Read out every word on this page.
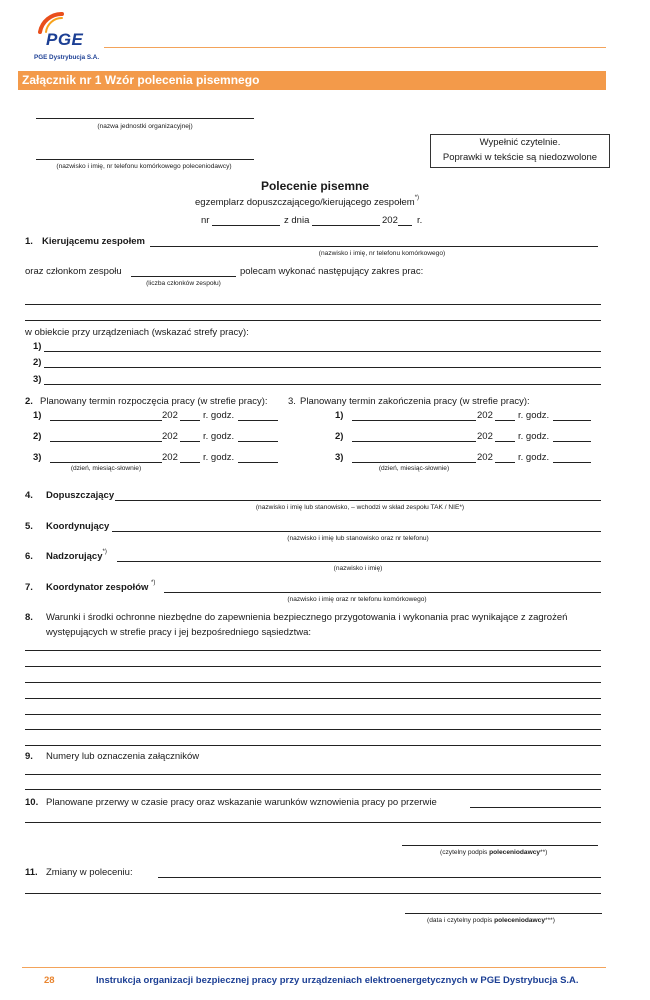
PGE
PGE Dystrybucja S.A.
Załącznik nr 1 Wzór polecenia pisemnego
(nazwa jednostki organizacyjnej)
(nazwisko i imię, nr telefonu komórkowego poleceniodawcy)
Wypełnić czytelnie.
Poprawki w tekście są niedozwolone
Polecenie pisemne
egzemplarz dopuszczającego/kierującego zespołem*)
nr	z dnia	202 r.
1. Kierującemu zespołem
(nazwisko i imię, nr telefonu komórkowego)
oraz członkom zespołu	polecam wykonać następujący zakres prac:
(liczba członków zespołu)
w obiekcie przy urządzeniach (wskazać strefy pracy):
1)
2)
3)
2. Planowany termin rozpoczęcia pracy (w strefie pracy): 3. Planowany termin zakończenia pracy (w strefie pracy):
1)	202	r. godz.
2)	202	r. godz.
3)	202	r. godz.
(dzień, miesiąc-słownie)
1)	202	r. godz.
2)	202	r. godz.
3)	202	r. godz.
(dzień, miesiąc-słownie)
4. Dopuszczający
(nazwisko i imię lub stanowisko, – wchodzi w skład zespołu TAK / NIE*)
5. Koordynujący
(nazwisko i imię lub stanowisko oraz nr telefonu)
6. Nadzorujący*)
(nazwisko i imię)
7. Koordynator zespołów *)
(nazwisko i imię oraz nr telefonu komórkowego)
8. Warunki i środki ochronne niezbędne do zapewnienia bezpiecznego przygotowania i wykonania prac wynikające z zagrożeń
występujących w strefie pracy i jej bezpośredniego sąsiedztwa:
9. Numery lub oznaczenia załączników
10. Planowane przerwy w czasie pracy oraz wskazanie warunków wznowienia pracy po przerwie
(czytelny podpis poleceniodawcy**)
11. Zmiany w poleceniu:
(data i czytelny podpis poleceniodawcy***)
28	Instrukcja organizacji bezpiecznej pracy przy urządzeniach elektroenergetycznych w PGE Dystrybucja S.A.
